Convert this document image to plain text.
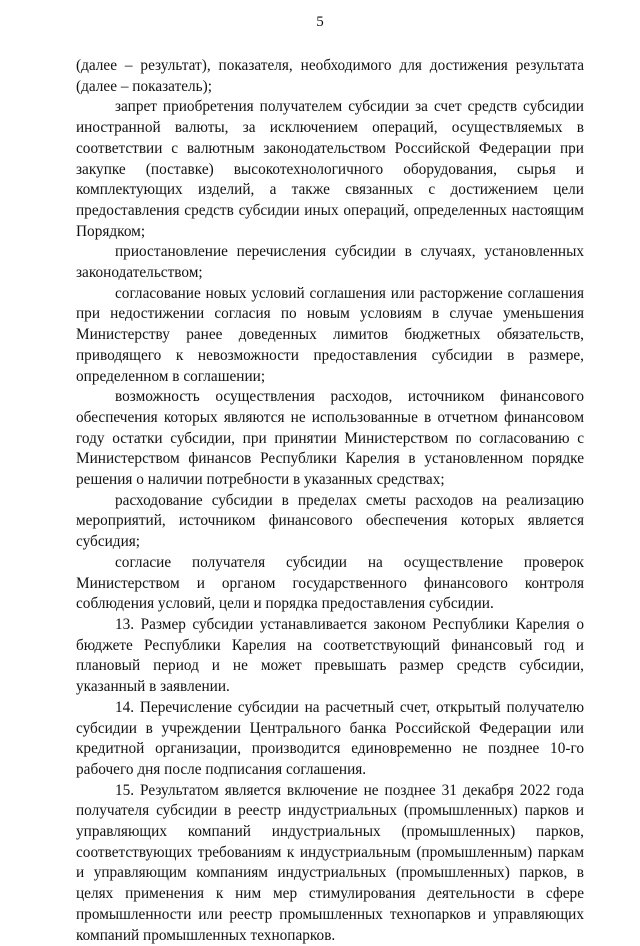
5

(далее – результат), показателя, необходимого для достижения результата (далее – показатель);

запрет приобретения получателем субсидии за счет средств субсидии иностранной валюты, за исключением операций, осуществляемых в соответствии с валютным законодательством Российской Федерации при закупке (поставке) высокотехнологичного оборудования, сырья и комплектующих изделий, а также связанных с достижением цели предоставления средств субсидии иных операций, определенных настоящим Порядком;

приостановление перечисления субсидии в случаях, установленных законодательством;

согласование новых условий соглашения или расторжение соглашения при недостижении согласия по новым условиям в случае уменьшения Министерству ранее доведенных лимитов бюджетных обязательств, приводящего к невозможности предоставления субсидии в размере, определенном в соглашении;

возможность осуществления расходов, источником финансового обеспечения которых являются не использованные в отчетном финансовом году остатки субсидии, при принятии Министерством по согласованию с Министерством финансов Республики Карелия в установленном порядке решения о наличии потребности в указанных средствах;

расходование субсидии в пределах сметы расходов на реализацию мероприятий, источником финансового обеспечения которых является субсидия;

согласие получателя субсидии на осуществление проверок Министерством и органом государственного финансового контроля соблюдения условий, цели и порядка предоставления субсидии.

13. Размер субсидии устанавливается законом Республики Карелия о бюджете Республики Карелия на соответствующий финансовый год и плановый период и не может превышать размер средств субсидии, указанный в заявлении.

14. Перечисление субсидии на расчетный счет, открытый получателю субсидии в учреждении Центрального банка Российской Федерации или кредитной организации, производится единовременно не позднее 10-го рабочего дня после подписания соглашения.

15. Результатом является включение не позднее 31 декабря 2022 года получателя субсидии в реестр индустриальных (промышленных) парков и управляющих компаний индустриальных (промышленных) парков, соответствующих требованиям к индустриальным (промышленным) паркам и управляющим компаниям индустриальных (промышленных) парков, в целях применения к ним мер стимулирования деятельности в сфере промышленности или реестр промышленных технопарков и управляющих компаний промышленных технопарков.
